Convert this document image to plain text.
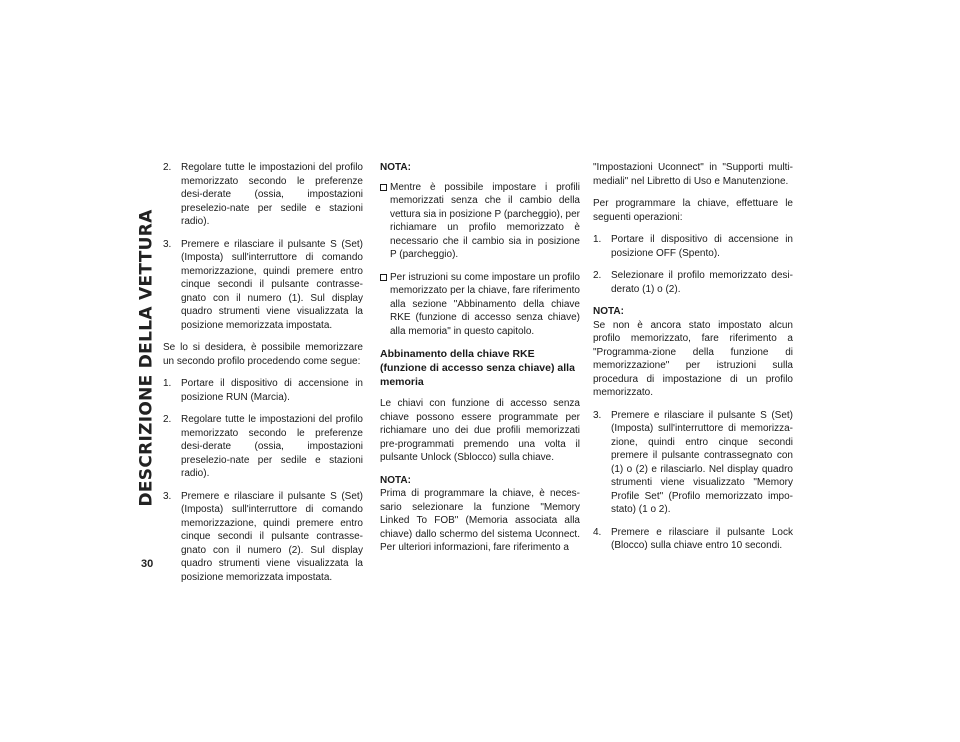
DESCRIZIONE DELLA VETTURA
30
2. Regolare tutte le impostazioni del profilo memorizzato secondo le preferenze desi-derate (ossia, impostazioni preselezio-nate per sedile e stazioni radio).
3. Premere e rilasciare il pulsante S (Set) (Imposta) sull'interruttore di comando memorizzazione, quindi premere entro cinque secondi il pulsante contrasse-gnato con il numero (1). Sul display quadro strumenti viene visualizzata la posizione memorizzata impostata.

Se lo si desidera, è possibile memorizzare un secondo profilo procedendo come segue:

1. Portare il dispositivo di accensione in posizione RUN (Marcia).
2. Regolare tutte le impostazioni del profilo memorizzato secondo le preferenze desi-derate (ossia, impostazioni preselezio-nate per sedile e stazioni radio).
3. Premere e rilasciare il pulsante S (Set) (Imposta) sull'interruttore di comando memorizzazione, quindi premere entro cinque secondi il pulsante contrasse-gnato con il numero (2). Sul display quadro strumenti viene visualizzata la posizione memorizzata impostata.

NOTA:

Mentre è possibile impostare i profili memorizzati senza che il cambio della vettura sia in posizione P (parcheggio), per richiamare un profilo memorizzato è necessario che il cambio sia in posizione P (parcheggio).
Per istruzioni su come impostare un profilo memorizzato per la chiave, fare riferimento alla sezione "Abbinamento della chiave RKE (funzione di accesso senza chiave) alla memoria" in questo capitolo.
Abbinamento della chiave RKE (funzione di accesso senza chiave) alla memoria

Le chiavi con funzione di accesso senza chiave possono essere programmate per richiamare uno dei due profili memorizzati pre-programmati premendo una volta il pulsante Unlock (Sblocco) sulla chiave.

NOTA:

Prima di programmare la chiave, è neces-sario selezionare la funzione "Memory Linked To FOB" (Memoria associata alla chiave) dallo schermo del sistema Uconnect. Per ulteriori informazioni, fare riferimento a

"Impostazioni Uconnect" in "Supporti multi-mediali" nel Libretto di Uso e Manutenzione.

Per programmare la chiave, effettuare le seguenti operazioni:

1. Portare il dispositivo di accensione in posizione OFF (Spento).
2. Selezionare il profilo memorizzato desi-derato (1) o (2).

NOTA:

Se non è ancora stato impostato alcun profilo memorizzato, fare riferimento a "Programma-zione della funzione di memorizzazione" per istruzioni sulla procedura di impostazione di un profilo memorizzato.

3. Premere e rilasciare il pulsante S (Set) (Imposta) sull'interruttore di memorizza-zione, quindi entro cinque secondi premere il pulsante contrassegnato con (1) o (2) e rilasciarlo. Nel display quadro strumenti viene visualizzato "Memory Profile Set" (Profilo memorizzato impo-stato) (1 o 2).
4. Premere e rilasciare il pulsante Lock (Blocco) sulla chiave entro 10 secondi.
